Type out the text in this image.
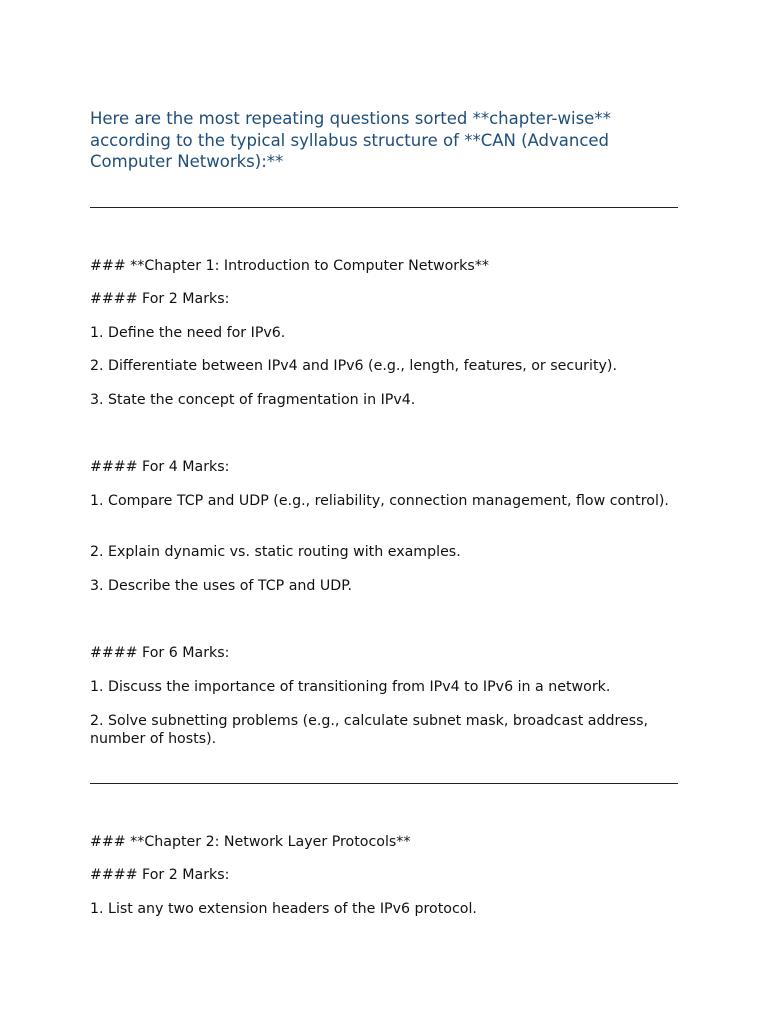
Here are the most repeating questions sorted **chapter-wise** according to the typical syllabus structure of **CAN (Advanced Computer Networks):**

### **Chapter 1: Introduction to Computer Networks**

#### For 2 Marks:

1. Define the need for IPv6.

2. Differentiate between IPv4 and IPv6 (e.g., length, features, or security).

3. State the concept of fragmentation in IPv4.

#### For 4 Marks:

1. Compare TCP and UDP (e.g., reliability, connection management, flow control).

2. Explain dynamic vs. static routing with examples.

3. Describe the uses of TCP and UDP.

#### For 6 Marks:

1. Discuss the importance of transitioning from IPv4 to IPv6 in a network.

2. Solve subnetting problems (e.g., calculate subnet mask, broadcast address, number of hosts).

### **Chapter 2: Network Layer Protocols**

#### For 2 Marks:

1. List any two extension headers of the IPv6 protocol.
